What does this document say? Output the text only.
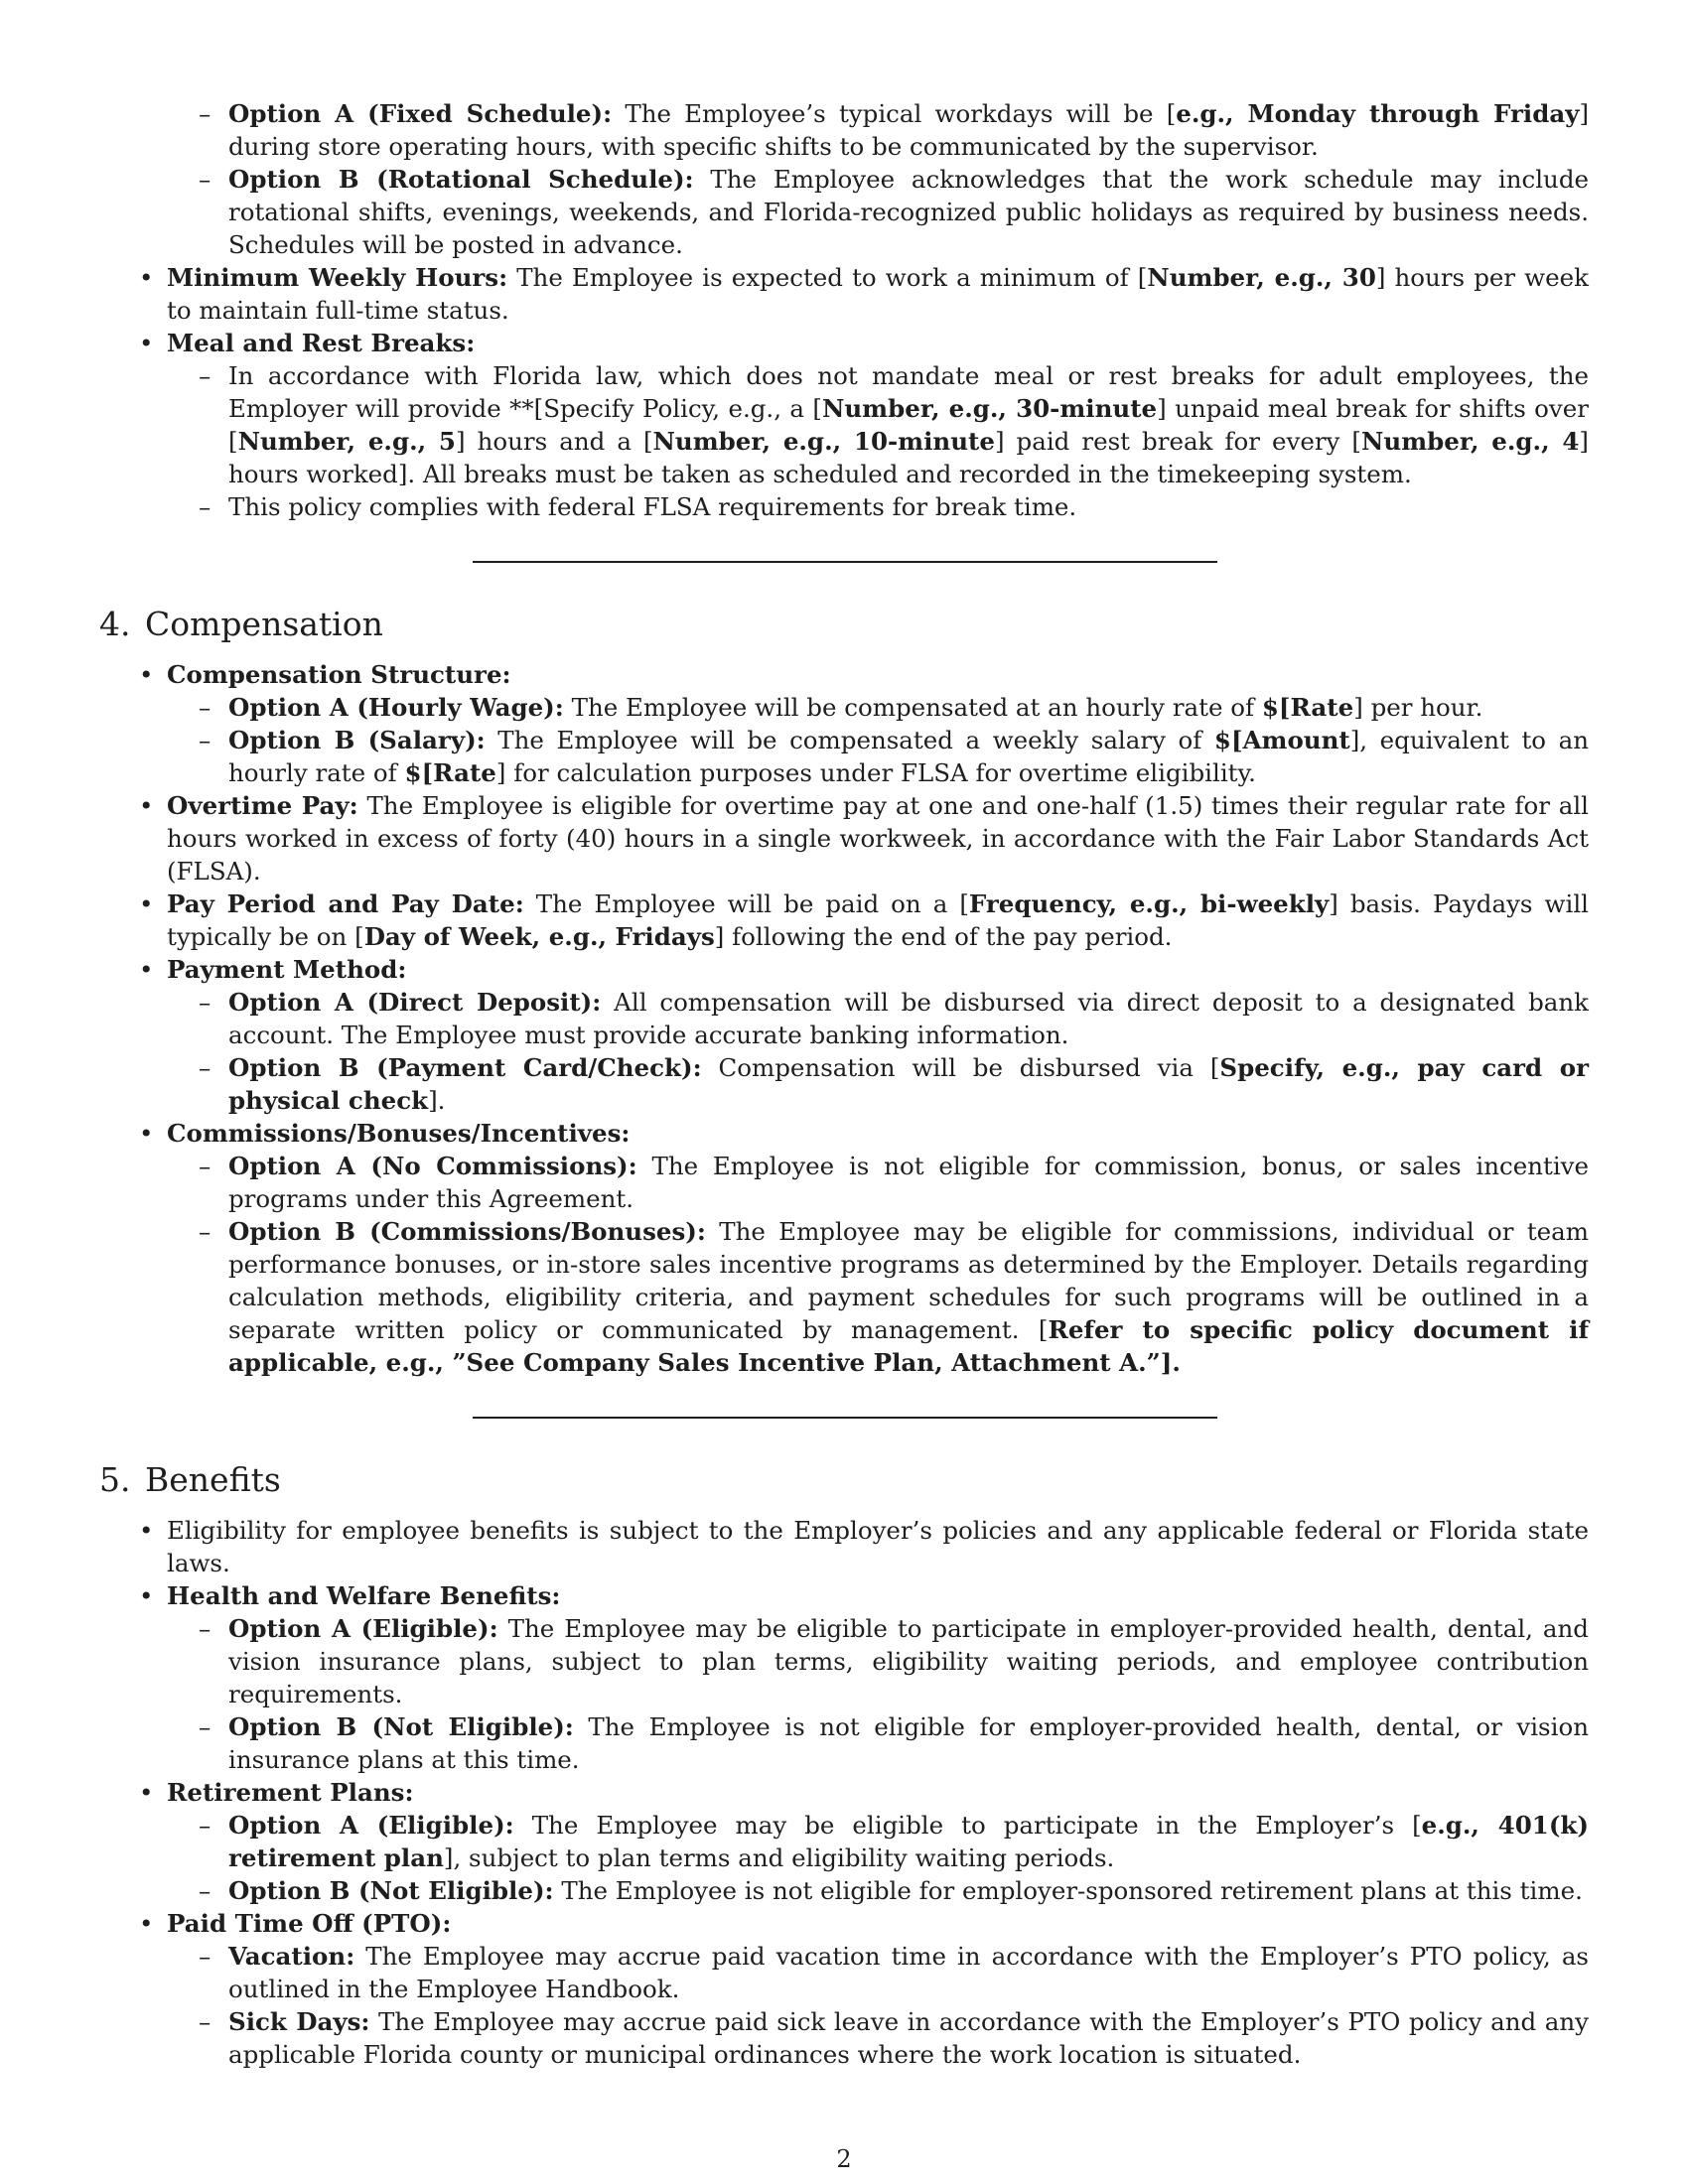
– Option A (Fixed Schedule): The Employee’s typical workdays will be [e.g., Monday through Friday] during store operating hours, with specific shifts to be communicated by the supervisor.
– Option B (Rotational Schedule): The Employee acknowledges that the work schedule may include rotational shifts, evenings, weekends, and Florida-recognized public holidays as required by business needs. Schedules will be posted in advance.
• Minimum Weekly Hours: The Employee is expected to work a minimum of [Number, e.g., 30] hours per week to maintain full-time status.
• Meal and Rest Breaks:
– In accordance with Florida law, which does not mandate meal or rest breaks for adult employees, the Employer will provide **[Specify Policy, e.g., a [Number, e.g., 30-minute] unpaid meal break for shifts over [Number, e.g., 5] hours and a [Number, e.g., 10-minute] paid rest break for every [Number, e.g., 4] hours worked]. All breaks must be taken as scheduled and recorded in the timekeeping system.
– This policy complies with federal FLSA requirements for break time.
4. Compensation
• Compensation Structure:
– Option A (Hourly Wage): The Employee will be compensated at an hourly rate of $[Rate] per hour.
– Option B (Salary): The Employee will be compensated a weekly salary of $[Amount], equivalent to an hourly rate of $[Rate] for calculation purposes under FLSA for overtime eligibility.
• Overtime Pay: The Employee is eligible for overtime pay at one and one-half (1.5) times their regular rate for all hours worked in excess of forty (40) hours in a single workweek, in accordance with the Fair Labor Standards Act (FLSA).
• Pay Period and Pay Date: The Employee will be paid on a [Frequency, e.g., bi-weekly] basis. Paydays will typically be on [Day of Week, e.g., Fridays] following the end of the pay period.
• Payment Method:
– Option A (Direct Deposit): All compensation will be disbursed via direct deposit to a designated bank account. The Employee must provide accurate banking information.
– Option B (Payment Card/Check): Compensation will be disbursed via [Specify, e.g., pay card or physical check].
• Commissions/Bonuses/Incentives:
– Option A (No Commissions): The Employee is not eligible for commission, bonus, or sales incentive programs under this Agreement.
– Option B (Commissions/Bonuses): The Employee may be eligible for commissions, individual or team performance bonuses, or in-store sales incentive programs as determined by the Employer. Details regarding calculation methods, eligibility criteria, and payment schedules for such programs will be outlined in a separate written policy or communicated by management. [Refer to specific policy document if applicable, e.g., ”See Company Sales Incentive Plan, Attachment A.”].
5. Benefits
• Eligibility for employee benefits is subject to the Employer’s policies and any applicable federal or Florida state laws.
• Health and Welfare Benefits:
– Option A (Eligible): The Employee may be eligible to participate in employer-provided health, dental, and vision insurance plans, subject to plan terms, eligibility waiting periods, and employee contribution requirements.
– Option B (Not Eligible): The Employee is not eligible for employer-provided health, dental, or vision insurance plans at this time.
• Retirement Plans:
– Option A (Eligible): The Employee may be eligible to participate in the Employer’s [e.g., 401(k) retirement plan], subject to plan terms and eligibility waiting periods.
– Option B (Not Eligible): The Employee is not eligible for employer-sponsored retirement plans at this time.
• Paid Time Off (PTO):
– Vacation: The Employee may accrue paid vacation time in accordance with the Employer’s PTO policy, as outlined in the Employee Handbook.
– Sick Days: The Employee may accrue paid sick leave in accordance with the Employer’s PTO policy and any applicable Florida county or municipal ordinances where the work location is situated.
2
